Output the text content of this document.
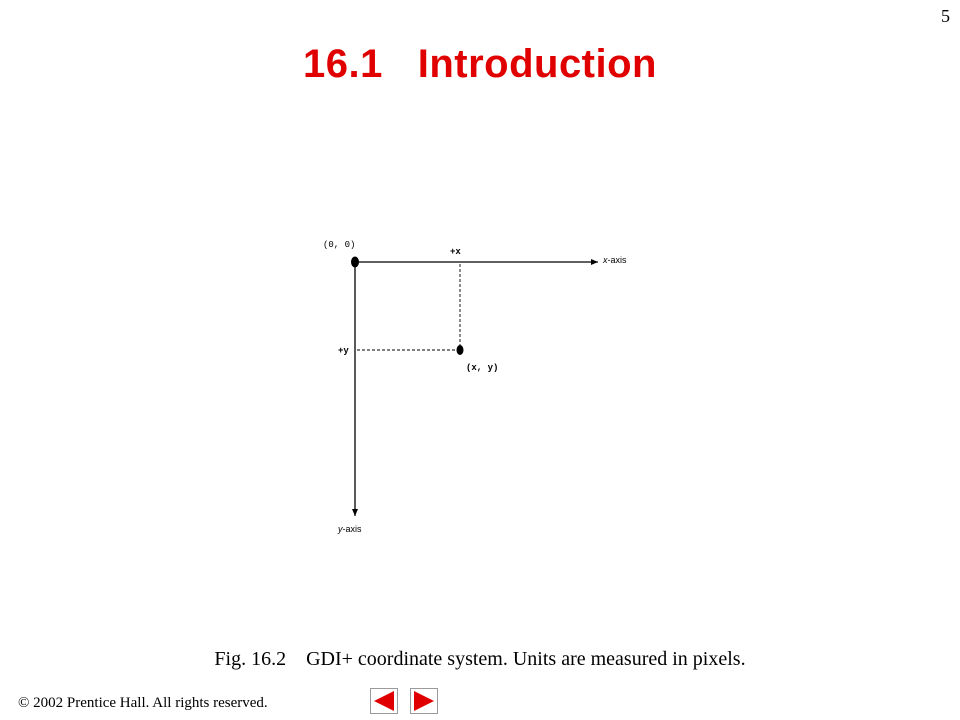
5
16.1 Introduction
(0, 0)
+x
+y
(x, y)
x-axis
y-axis
Fig. 16.2 GDI+ coordinate system. Units are measured in pixels.
© 2002 Prentice Hall. All rights reserved.
